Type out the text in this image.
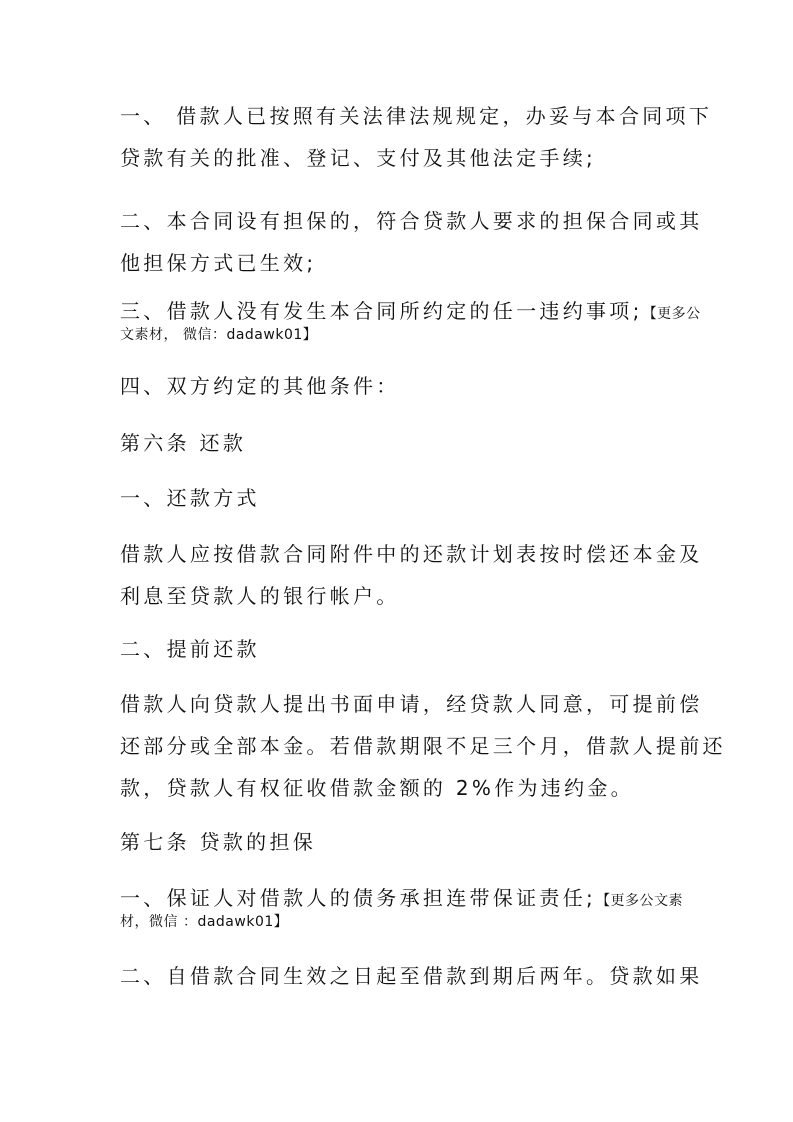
一、 借款人已按照有关法律法规规定，办妥与本合同项下
贷款有关的批准、登记、支付及其他法定手续;

二、本合同设有担保的，符合贷款人要求的担保合同或其
他担保方式已生效;

三、借款人没有发生本合同所约定的任一违约事项;【更多公
文素材， 微信：dadawk01】

四、双方约定的其他条件：

第六条 还款

一、还款方式

借款人应按借款合同附件中的还款计划表按时偿还本金及
利息至贷款人的银行帐户。

二、提前还款

借款人向贷款人提出书面申请，经贷款人同意，可提前偿
还部分或全部本金。若借款期限不足三个月，借款人提前还
款，贷款人有权征收借款金额的 2%作为违约金。

第七条 贷款的担保

一、保证人对借款人的债务承担连带保证责任;【更多公文素
材，微信 ：dadawk01】

二、自借款合同生效之日起至借款到期后两年。贷款如果
